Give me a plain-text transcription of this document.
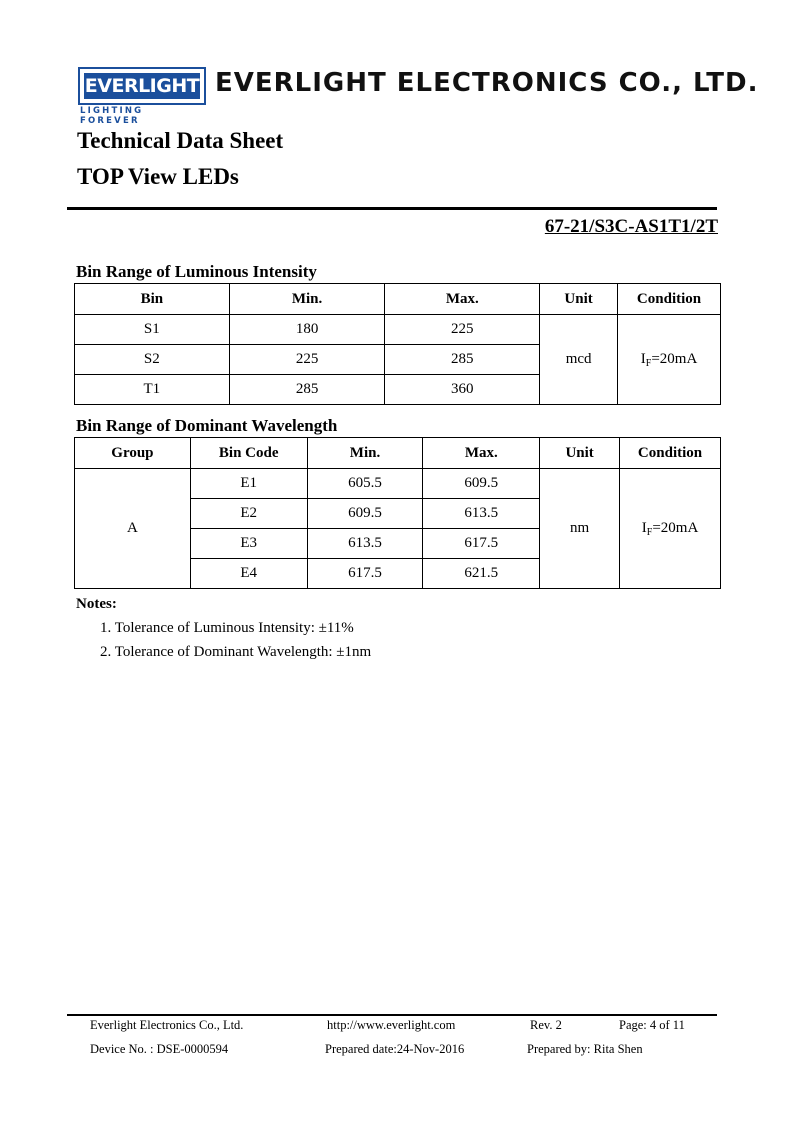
EVERLIGHT
LIGHTING FOREVER
EVERLIGHT ELECTRONICS CO., LTD.
Technical Data Sheet
TOP View LEDs
67-21/S3C-AS1T1/2T
Bin Range of Luminous Intensity
Bin	Min.	Max.	Unit	Condition
S1	180	225	mcd	$I_F=20mA$
S2	225	285		
T1	285	360		
Bin Range of Dominant Wavelength
Group	Bin Code	Min.	Max.	Unit	Condition
A	E1	605.5	609.5	nm	$I_F=20mA$
	E2	609.5	613.5		
	E3	613.5	617.5		
	E4	617.5	621.5		
Notes:
1. Tolerance of Luminous Intensity: ±11%
2. Tolerance of Dominant Wavelength: ±1nm
Everlight Electronics Co., Ltd.	http://www.everlight.com	Rev. 2	Page: 4 of 11
Device No. : DSE-0000594	Prepared date:24-Nov-2016	Prepared by: Rita Shen
